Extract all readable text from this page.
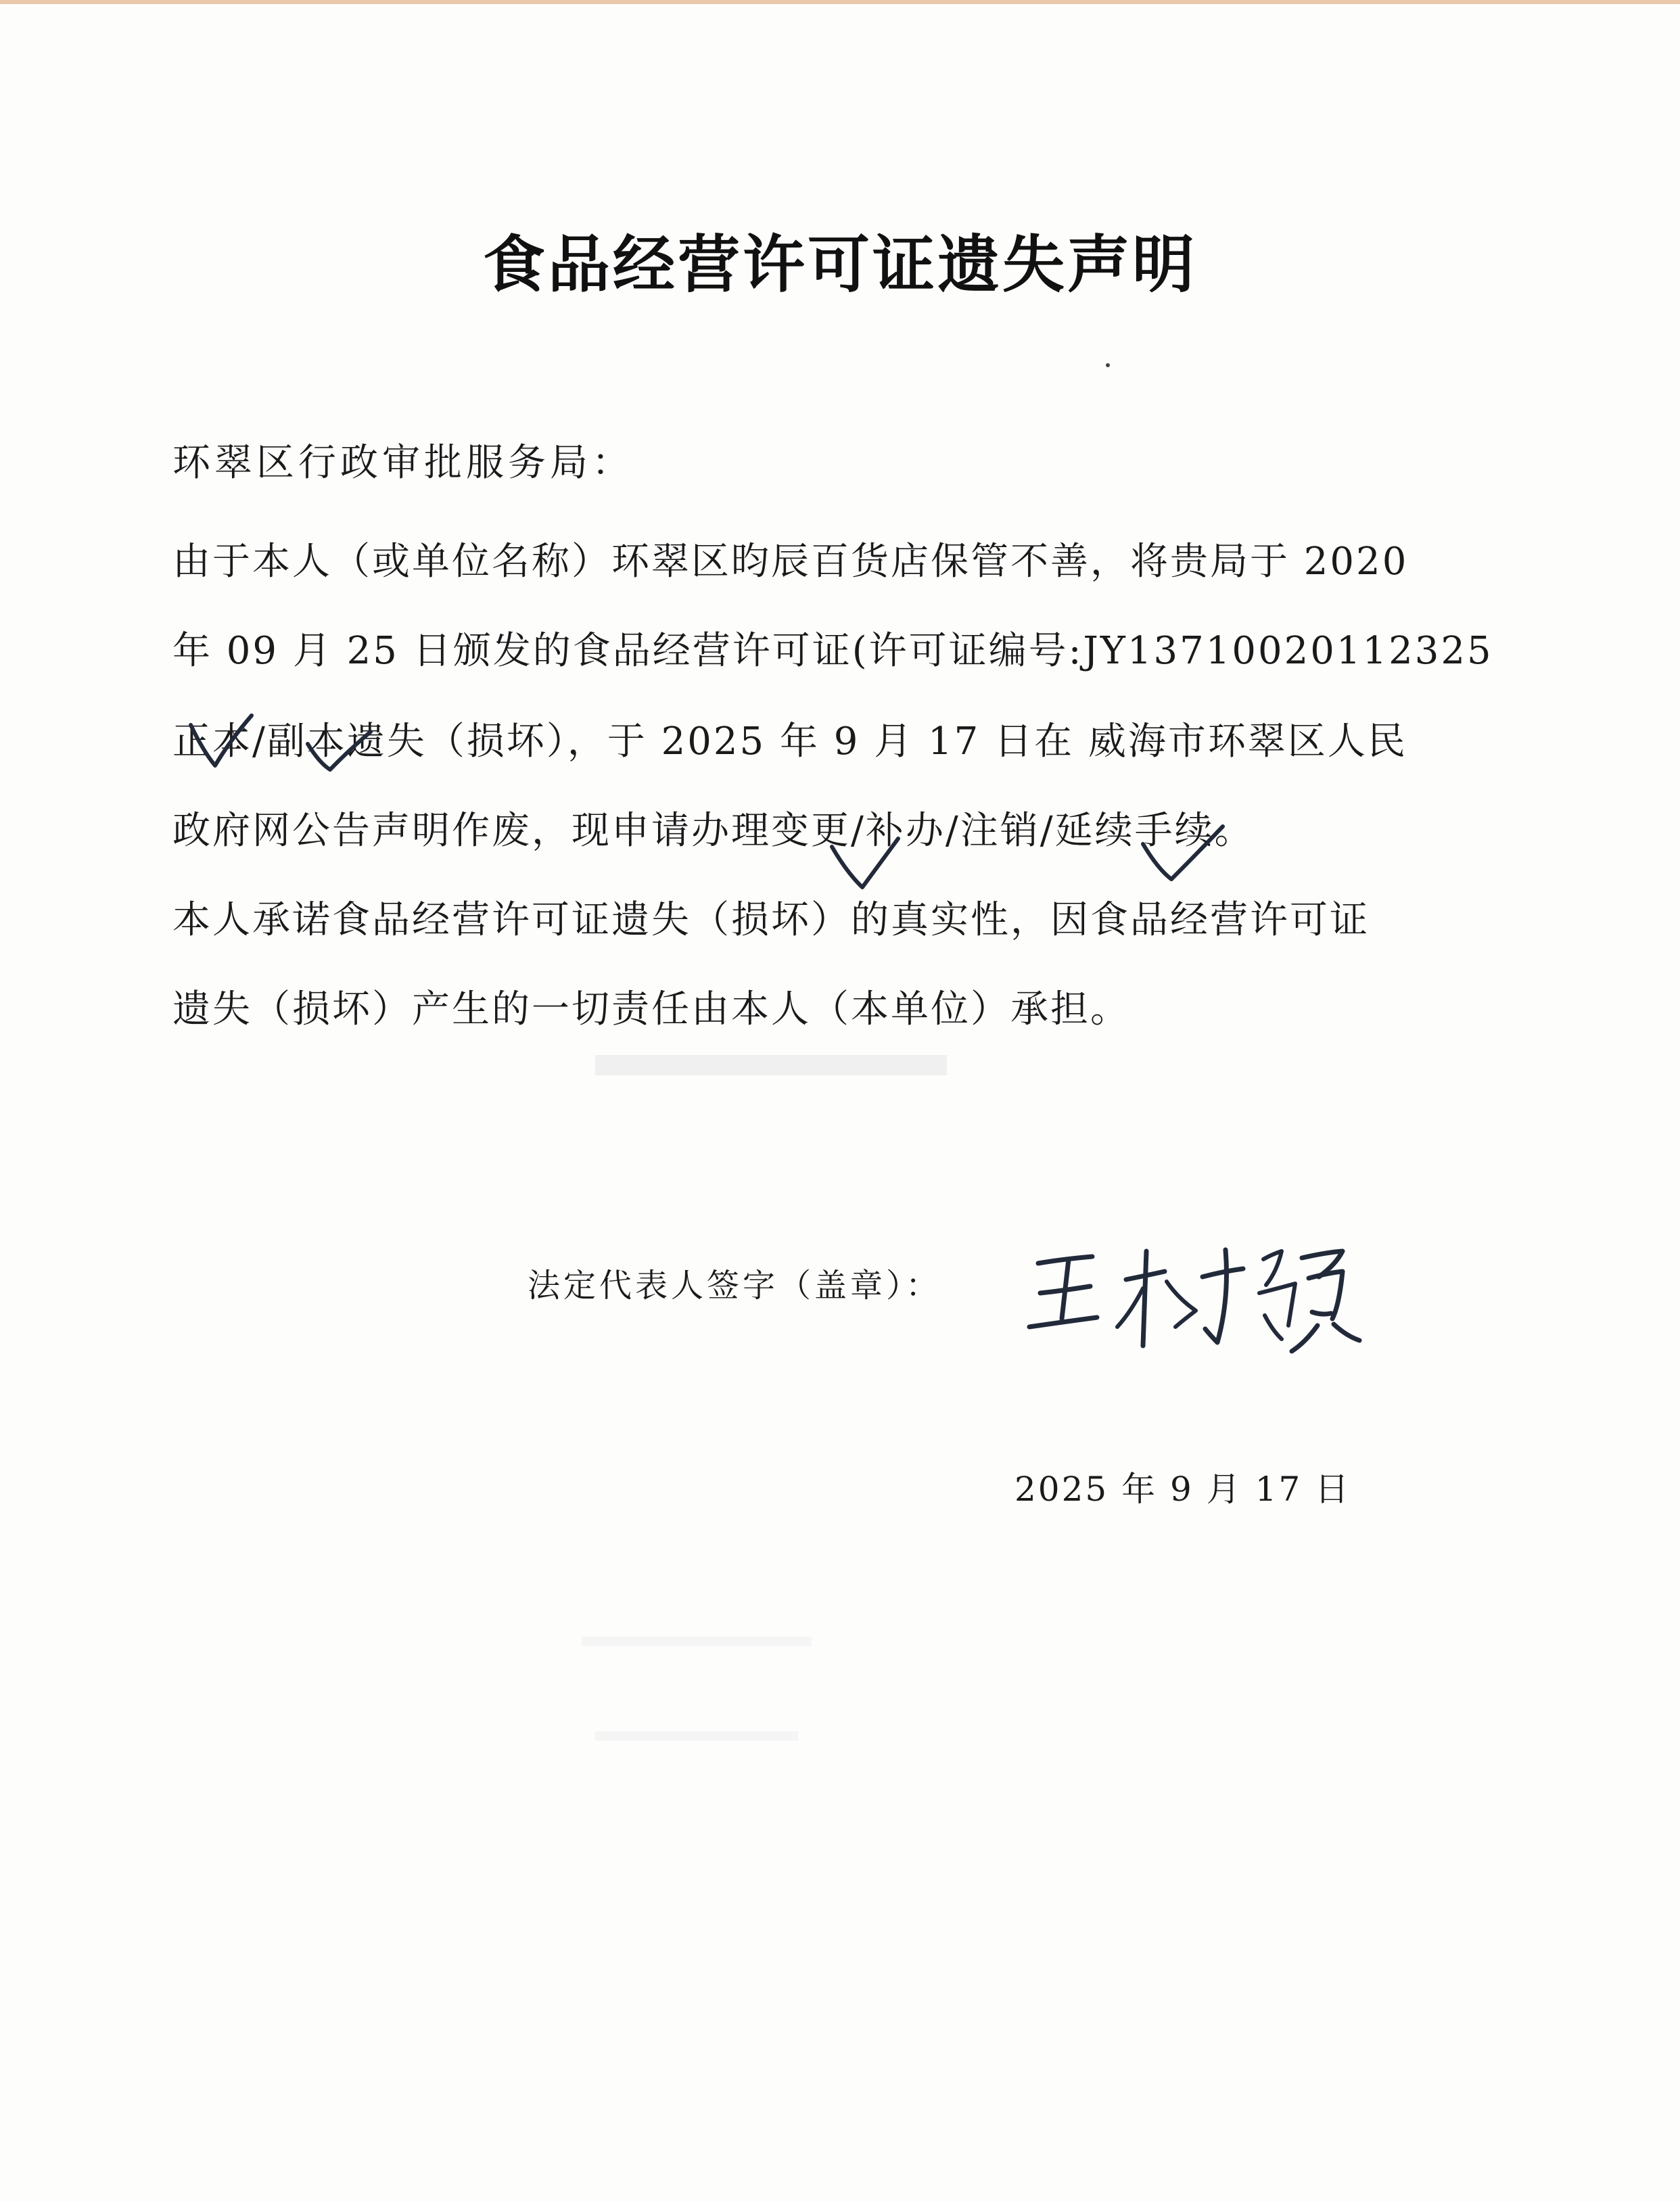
食品经营许可证遗失声明
环翠区行政审批服务局：
由于本人（或单位名称）环翠区昀辰百货店保管不善，将贵局于 2020
年 09 月 25 日颁发的食品经营许可证(许可证编号:JY13710020112325
正本/副本遗失（损坏），于 2025 年 9 月 17 日在 威海市环翠区人民
政府网公告声明作废，现申请办理变更/补办/注销/延续手续。
本人承诺食品经营许可证遗失（损坏）的真实性，因食品经营许可证
遗失（损坏）产生的一切责任由本人（本单位）承担。
法定代表人签字（盖章）：
2025 年 9 月 17 日
